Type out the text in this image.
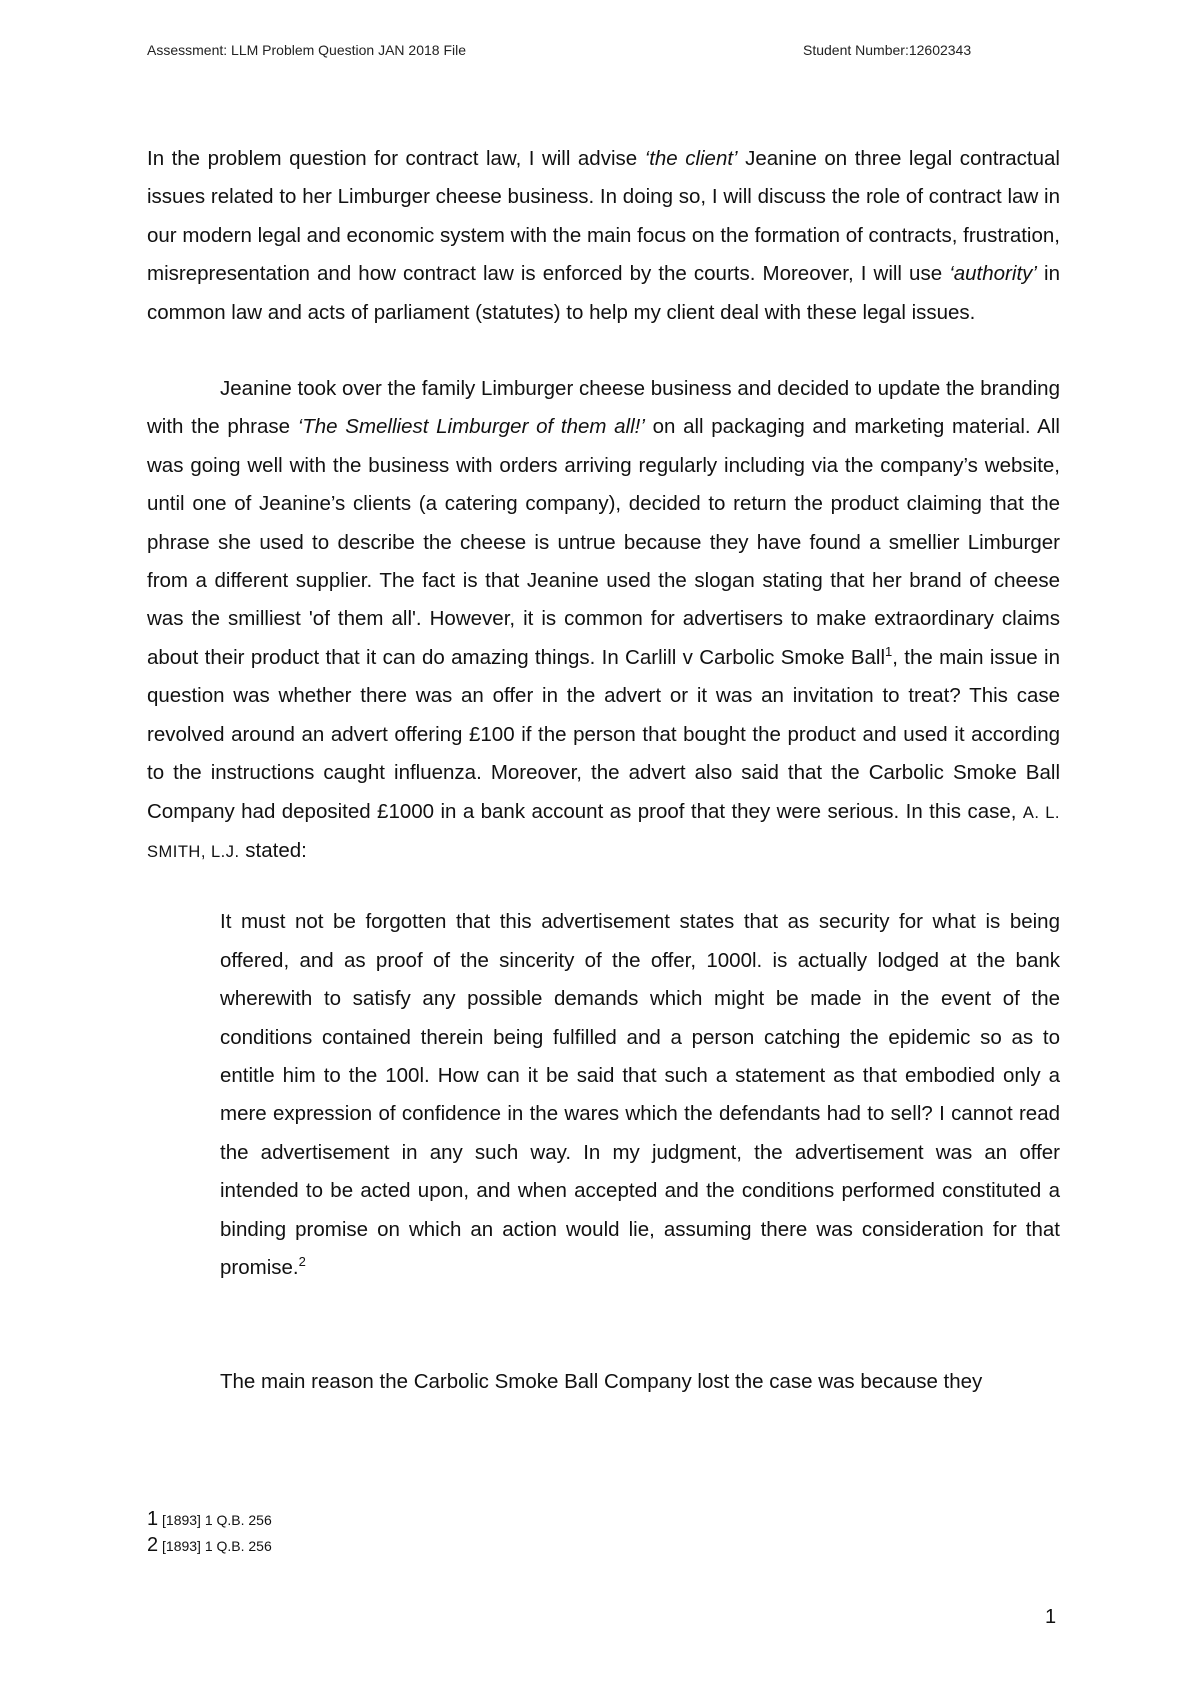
Assessment: LLM Problem Question JAN 2018 File	Student Number:12602343

In the problem question for contract law, I will advise ‘the client’ Jeanine on three legal contractual issues related to her Limburger cheese business. In doing so, I will discuss the role of contract law in our modern legal and economic system with the main focus on the formation of contracts, frustration, misrepresentation and how contract law is enforced by the courts. Moreover, I will use ‘authority’ in common law and acts of parliament (statutes) to help my client deal with these legal issues.

Jeanine took over the family Limburger cheese business and decided to update the branding with the phrase ‘The Smelliest Limburger of them all!’ on all packaging and marketing material. All was going well with the business with orders arriving regularly including via the company’s website, until one of Jeanine’s clients (a catering company), decided to return the product claiming that the phrase she used to describe the cheese is untrue because they have found a smellier Limburger from a different supplier. The fact is that Jeanine used the slogan stating that her brand of cheese was the smilliest 'of them all'. However, it is common for advertisers to make extraordinary claims about their product that it can do amazing things. In Carlill v Carbolic Smoke Ball$^1$, the main issue in question was whether there was an offer in the advert or it was an invitation to treat? This case revolved around an advert offering £100 if the person that bought the product and used it according to the instructions caught influenza. Moreover, the advert also said that the Carbolic Smoke Ball Company had deposited £1000 in a bank account as proof that they were serious. In this case, A. L. SMITH, L.J. stated:

It must not be forgotten that this advertisement states that as security for what is being offered, and as proof of the sincerity of the offer, 1000l. is actually lodged at the bank wherewith to satisfy any possible demands which might be made in the event of the conditions contained therein being fulfilled and a person catching the epidemic so as to entitle him to the 100l. How can it be said that such a statement as that embodied only a mere expression of confidence in the wares which the defendants had to sell? I cannot read the advertisement in any such way. In my judgment, the advertisement was an offer intended to be acted upon, and when accepted and the conditions performed constituted a binding promise on which an action would lie, assuming there was consideration for that promise.$^2$

The main reason the Carbolic Smoke Ball Company lost the case was because they

1 [1893] 1 Q.B. 256
2 [1893] 1 Q.B. 256
1
